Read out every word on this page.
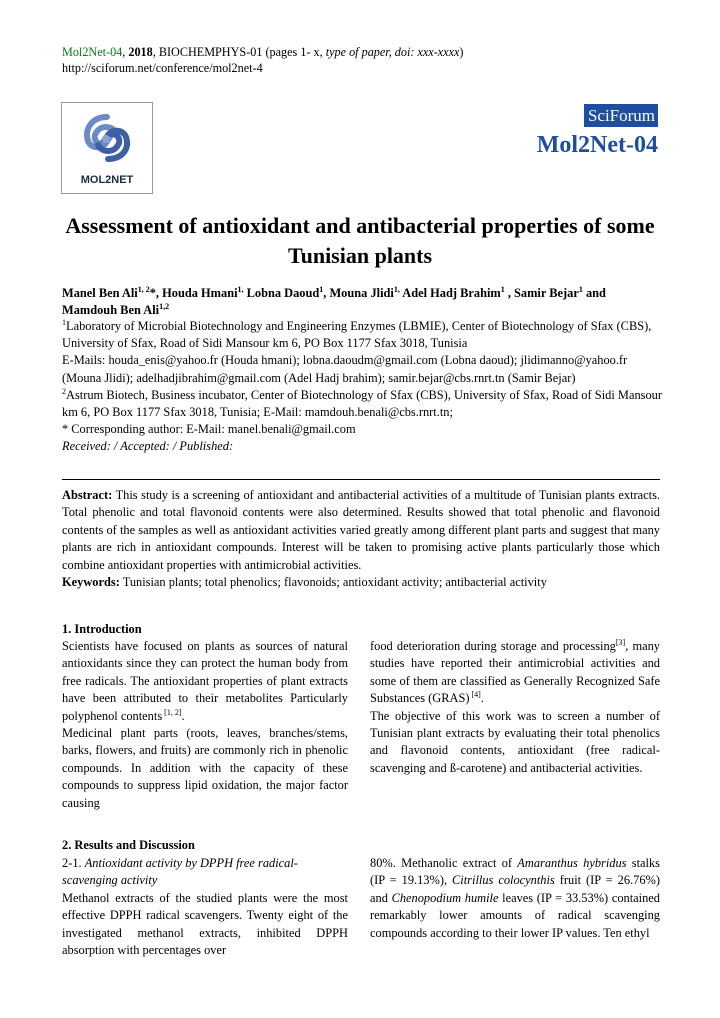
Mol2Net-04, 2018, BIOCHEMPHYS-01 (pages 1- x, type of paper, doi: xxx-xxxx)
http://sciforum.net/conference/mol2net-4
MOL2NET
SciForum
Mol2Net-04
Assessment of antioxidant and antibacterial properties of some Tunisian plants
Manel Ben Ali$^{1, 2}$*, Houda Hmani$^{1,}$ Lobna Daoud$^1$, Mouna Jlidi$^{1,}$ Adel Hadj Brahim$^1$ , Samir Bejar$^1$ and Mamdouh Ben Ali$^{1,2}$

$^1$Laboratory of Microbial Biotechnology and Engineering Enzymes (LBMIE), Center of Biotechnology of Sfax (CBS), University of Sfax, Road of Sidi Mansour km 6, PO Box 1177 Sfax 3018, Tunisia

E-Mails: houda_enis@yahoo.fr (Houda hmani); lobna.daoudm@gmail.com (Lobna daoud); jlidimanno@yahoo.fr (Mouna Jlidi); adelhadjibrahim@gmail.com (Adel Hadj brahim); samir.bejar@cbs.rnrt.tn (Samir Bejar)

$^2$Astrum Biotech, Business incubator, Center of Biotechnology of Sfax (CBS), University of Sfax, Road of Sidi Mansour km 6, PO Box 1177 Sfax 3018, Tunisia; E-Mail: mamdouh.benali@cbs.rnrt.tn;

* Corresponding author: E-Mail: manel.benali@gmail.com

Received: / Accepted: / Published:

Abstract: This study is a screening of antioxidant and antibacterial activities of a multitude of Tunisian plants extracts. Total phenolic and total flavonoid contents were also determined. Results showed that total phenolic and flavonoid contents of the samples as well as antioxidant activities varied greatly among different plant parts and suggest that many plants are rich in antioxidant compounds. Interest will be taken to promising active plants particularly those which combine antioxidant properties with antimicrobial activities.

Keywords: Tunisian plants; total phenolics; flavonoids; antioxidant activity; antibacterial activity

1. Introduction

Scientists have focused on plants as sources of natural antioxidants since they can protect the human body from free radicals. The antioxidant properties of plant extracts have been attributed to their metabolites Particularly polyphenol contents [1, 2].

Medicinal plant parts (roots, leaves, branches/stems, barks, flowers, and fruits) are commonly rich in phenolic compounds. In addition with the capacity of these compounds to suppress lipid oxidation, the major factor causing

food deterioration during storage and processing[3], many studies have reported their antimicrobial activities and some of them are classified as Generally Recognized Safe Substances (GRAS) [4].

The objective of this work was to screen a number of Tunisian plant extracts by evaluating their total phenolics and flavonoid contents, antioxidant (free radical-scavenging and ß-carotene) and antibacterial activities.

2. Results and Discussion

2-1. Antioxidant activity by DPPH free radical-scavenging activity

Methanol extracts of the studied plants were the most effective DPPH radical scavengers. Twenty eight of the investigated methanol extracts, inhibited DPPH absorption with percentages over

80%. Methanolic extract of Amaranthus hybridus stalks (IP = 19.13%), Citrillus colocynthis fruit (IP = 26.76%) and Chenopodium humile leaves (IP = 33.53%) contained remarkably lower amounts of radical scavenging compounds according to their lower IP values. Ten ethyl
